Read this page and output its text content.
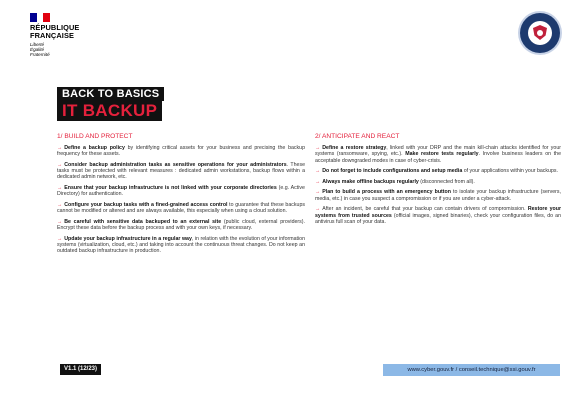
RÉPUBLIQUE
FRANÇAISE
Liberté
Égalité
Fraternité
BACK TO BASICS
IT BACKUP
1/ BUILD AND PROTECT
→ Define a backup policy by identifying critical assets for your business and precising the backup frequency for these assets.
→ Consider backup administration tasks as sensitive operations for your administrators. These tasks must be protected with relevant measures : dedicated admin workstations, backup flows within a dedicated admin network, etc.
→ Ensure that your backup infrastructure is not linked with your corporate directories (e.g. Active Directory) for authentication.
→ Configure your backup tasks with a fined-grained access control to guarantee that these backups cannot be modified or altered and are always available, this especially when using a cloud solution.
→ Be careful with sensitive data backuped to an external site (public cloud, external providers). Encrypt these data before the backup process and with your own keys, if necessary.
→ Update your backup infrastructure in a regular way, in relation with the evolution of your information systems (virtualization, cloud, etc.) and taking into account the continuous threat changes. Do not keep an outdated backup infrastructure in production.
2/ ANTICIPATE AND REACT
→ Define a restore strategy, linked with your DRP and the main kill-chain attacks identified for your systems (ransomware, spying, etc.). Make restore tests regularly. Involve business leaders on the acceptable downgraded modes in case of cyber-crisis.
→ Do not forget to include configurations and setup media of your applications within your backups.
→ Always make offline backups regularly (disconnected from all).
→ Plan to build a process with an emergency button to isolate your backup infrastructure (servers, media, etc.) in case you suspect a compromission or if you are under a cyber-attack.
→ After an incident, be careful that your backup can contain drivers of compromission. Restore your systems from trusted sources (official images, signed binaries), check your configuration files, do an antivirus full scan of your data.
V1.1 (12/23)	www.cyber.gouv.fr / conseil.technique@ssi.gouv.fr
